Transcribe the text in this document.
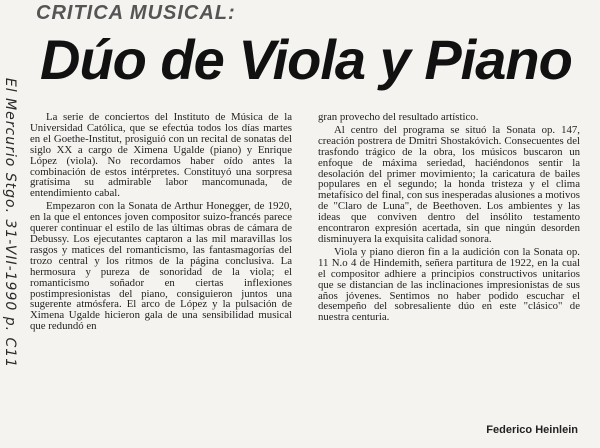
El Mercurio Stgo. 31-VII-1990 p. C11
CRITICA MUSICAL:
Dúo de Viola y Piano

La serie de conciertos del Instituto de Música de la Universidad Católica, que se efectúa todos los días martes en el Goethe-Institut, prosiguió con un recital de sonatas del siglo XX a cargo de Ximena Ugalde (piano) y Enrique López (viola). No recordamos haber oído antes la combinación de estos intérpretes. Constituyó una sorpresa gratísima su admirable labor mancomunada, de entendimiento cabal.

Empezaron con la Sonata de Arthur Honegger, de 1920, en la que el entonces joven compositor suizo-francés parece querer continuar el estilo de las últimas obras de cámara de Debussy. Los ejecutantes captaron a las mil maravillas los rasgos y matices del romanticismo, las fantasmagorías del trozo central y los ritmos de la página conclusiva. La hermosura y pureza de sonoridad de la viola; el romanticismo soñador en ciertas inflexiones postimpresionistas del piano, consiguieron juntos una sugerente atmósfera. El arco de López y la pulsación de Ximena Ugalde hicieron gala de una sensibilidad musical que redundó en

gran provecho del resultado artístico.

Al centro del programa se situó la Sonata op. 147, creación postrera de Dmitri Shostakóvich. Consecuentes del trasfondo trágico de la obra, los músicos buscaron un enfoque de máxima seriedad, haciéndonos sentir la desolación del primer movimiento; la caricatura de bailes populares en el segundo; la honda tristeza y el clima metafísico del final, con sus inesperadas alusiones a motivos de "Claro de Luna", de Beethoven. Los ambientes y las ideas que conviven dentro del insólito testamento encontraron expresión acertada, sin que ningún desorden disminuyera la exquisita calidad sonora.

Viola y piano dieron fin a la audición con la Sonata op. 11 N.o 4 de Hindemith, señera partitura de 1922, en la cual el compositor adhiere a principios constructivos unitarios que se distancian de las inclinaciones impresionistas de sus años jóvenes. Sentimos no haber podido escuchar el desempeño del sobresaliente dúo en este "clásico" de nuestra centuria.

Federico Heinlein
